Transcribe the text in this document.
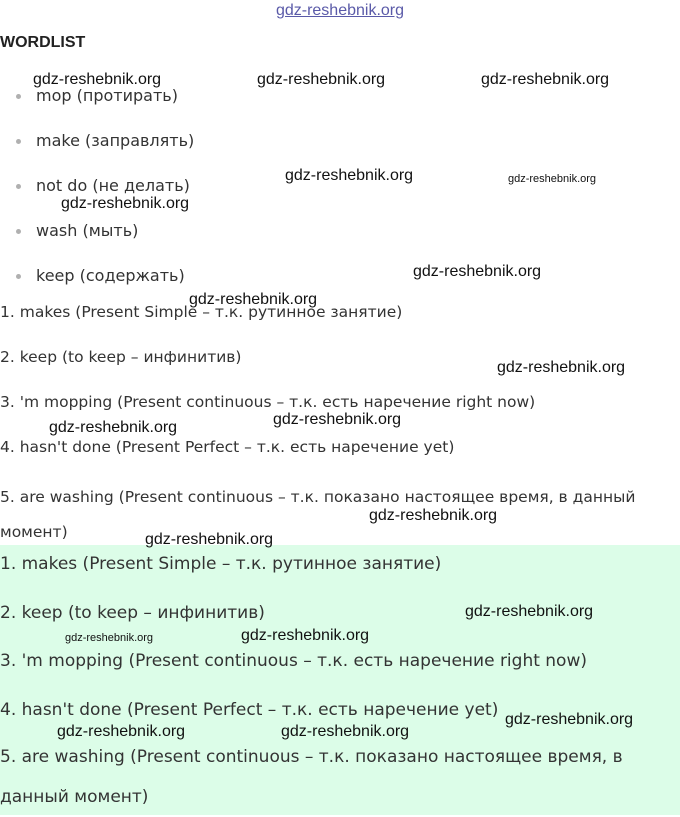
gdz-reshebnik.org
WORDLIST
mop (протирать)
make (заправлять)
not do (не делать)
wash (мыть)
keep (содержать)
1. makes (Present Simple – т.к. рутинное занятие)
2. keep (to keep – инфинитив)
3. 'm mopping (Present continuous – т.к. есть наречение right now)
4. hasn't done (Present Perfect – т.к. есть наречение yet)
5. are washing (Present continuous – т.к. показано настоящее время, в данный момент)
1. makes (Present Simple – т.к. рутинное занятие)
2. keep (to keep – инфинитив)
3. 'm mopping (Present continuous – т.к. есть наречение right now)
4. hasn't done (Present Perfect – т.к. есть наречение yet)
5. are washing (Present continuous – т.к. показано настоящее время, в данный момент)
gdz-reshebnik.org	gdz-reshebnik.org	gdz-reshebnik.org
gdz-reshebnik.org	gdz-reshebnik.org
gdz-reshebnik.org
gdz-reshebnik.org
gdz-reshebnik.org
gdz-reshebnik.org
gdz-reshebnik.org
gdz-reshebnik.org
gdz-reshebnik.org
gdz-reshebnik.org
gdz-reshebnik.org
gdz-reshebnik.org	gdz-reshebnik.org
gdz-reshebnik.org
gdz-reshebnik.org	gdz-reshebnik.org
